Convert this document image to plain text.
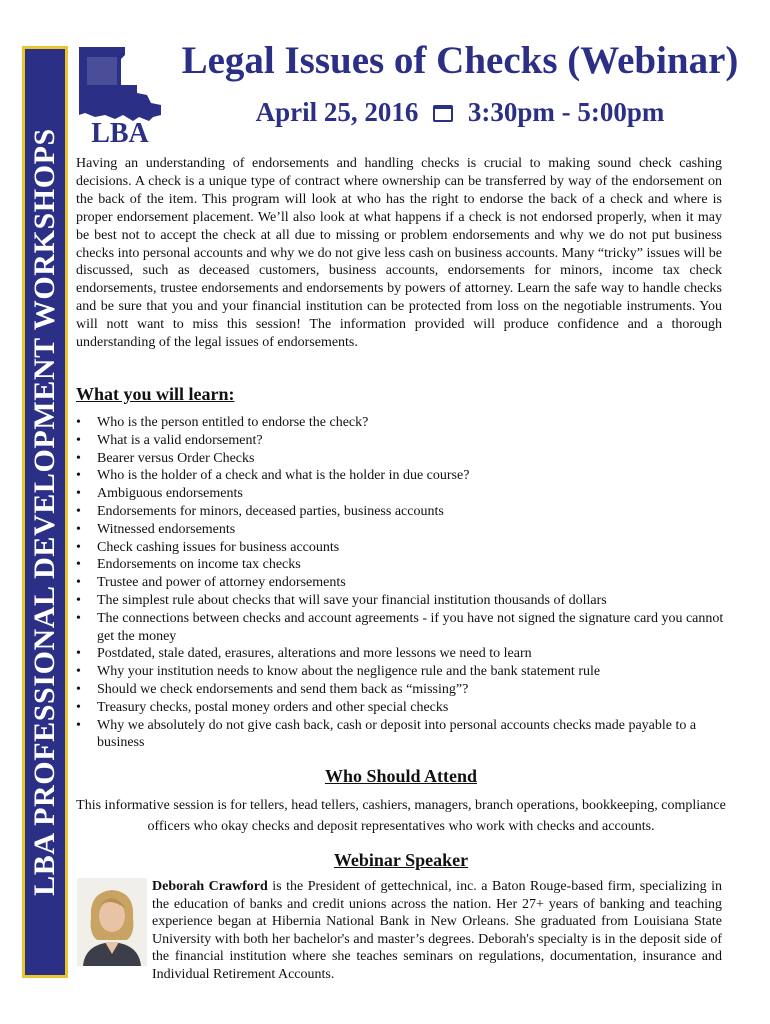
LBA PROFESSIONAL DEVELOPMENT WORKSHOPS LBA
Legal Issues of Checks (Webinar)
April 25, 2016 3:30pm - 5:00pm

Having an understanding of endorsements and handling checks is crucial to making sound check cashing decisions. A check is a unique type of contract where ownership can be transferred by way of the endorsement on the back of the item. This program will look at who has the right to endorse the back of a check and where is proper endorsement placement. We’ll also look at what happens if a check is not endorsed properly, when it may be best not to accept the check at all due to missing or problem endorsements and why we do not put business checks into personal accounts and why we do not give less cash on business accounts. Many “tricky” issues will be discussed, such as deceased customers, business accounts, endorsements for minors, income tax check endorsements, trustee endorsements and endorsements by powers of attorney. Learn the safe way to handle checks and be sure that you and your financial institution can be protected from loss on the negotiable instruments. You will nott want to miss this session! The information provided will produce confidence and a thorough understanding of the legal issues of endorsements.

What you will learn:
• Who is the person entitled to endorse the check?
• What is a valid endorsement?
• Bearer versus Order Checks
• Who is the holder of a check and what is the holder in due course?
• Ambiguous endorsements
• Endorsements for minors, deceased parties, business accounts
• Witnessed endorsements
• Check cashing issues for business accounts
• Endorsements on income tax checks
• Trustee and power of attorney endorsements
• The simplest rule about checks that will save your financial institution thousands of dollars
• The connections between checks and account agreements - if you have not signed the signature card you cannot get the money
• Postdated, stale dated, erasures, alterations and more lessons we need to learn
• Why your institution needs to know about the negligence rule and the bank statement rule
• Should we check endorsements and send them back as “missing”?
• Treasury checks, postal money orders and other special checks
• Why we absolutely do not give cash back, cash or deposit into personal accounts checks made payable to a business
Who Should Attend

This informative session is for tellers, head tellers, cashiers, managers, branch operations, bookkeeping, compliance officers who okay checks and deposit representatives who work with checks and accounts.

Webinar Speaker

Deborah Crawford is the President of gettechnical, inc. a Baton Rouge-based firm, specializing in the education of banks and credit unions across the nation. Her 27+ years of banking and teaching experience began at Hibernia National Bank in New Orleans. She graduated from Louisiana State University with both her bachelor's and master’s degrees. Deborah's specialty is in the deposit side of the financial institution where she teaches seminars on regulations, documentation, insurance and Individual Retirement Accounts.
